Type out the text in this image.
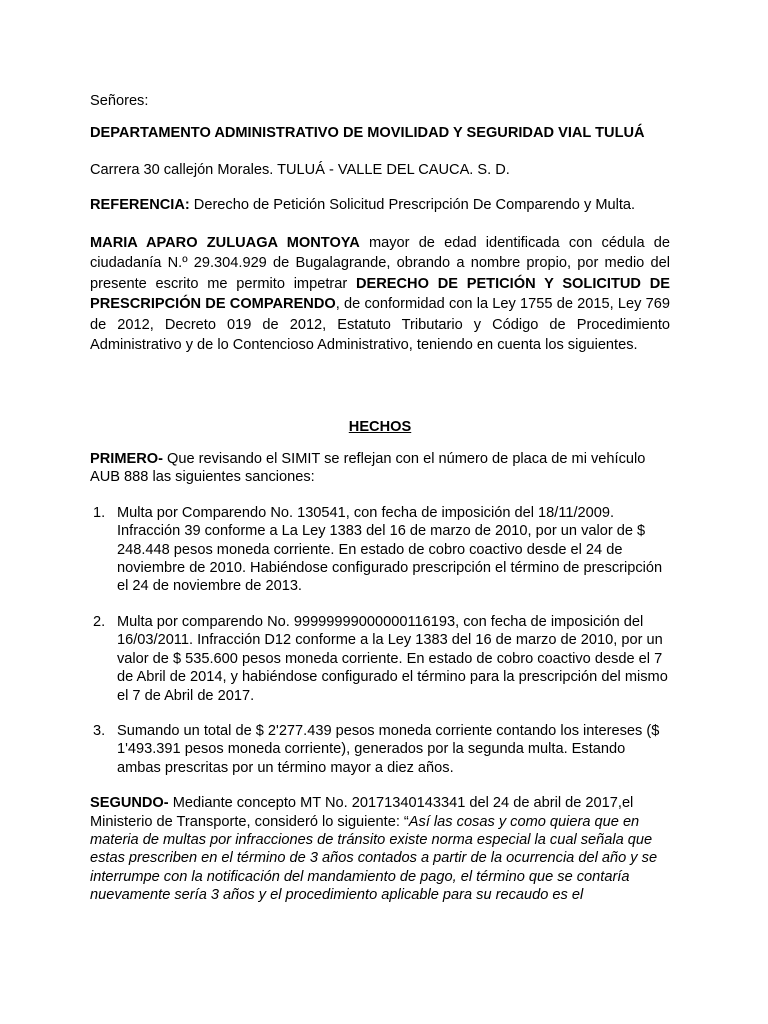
Señores:

DEPARTAMENTO ADMINISTRATIVO DE MOVILIDAD Y SEGURIDAD VIAL TULUÁ

Carrera 30 callejón Morales. TULUÁ - VALLE DEL CAUCA. S. D.

REFERENCIA: Derecho de Petición Solicitud Prescripción De Comparendo y Multa.

MARIA APARO ZULUAGA MONTOYA mayor de edad identificada con cédula de ciudadanía N.º 29.304.929 de Bugalagrande, obrando a nombre propio, por medio del presente escrito me permito impetrar DERECHO DE PETICIÓN Y SOLICITUD DE PRESCRIPCIÓN DE COMPARENDO, de conformidad con la Ley 1755 de 2015, Ley 769 de 2012, Decreto 019 de 2012, Estatuto Tributario y Código de Procedimiento Administrativo y de lo Contencioso Administrativo, teniendo en cuenta los siguientes.

HECHOS

PRIMERO- Que revisando el SIMIT se reflejan con el número de placa de mi vehículo AUB 888 las siguientes sanciones:

1. Multa por Comparendo No. 130541, con fecha de imposición del 18/11/2009. Infracción 39 conforme a La Ley 1383 del 16 de marzo de 2010, por un valor de $ 248.448 pesos moneda corriente. En estado de cobro coactivo desde el 24 de noviembre de 2010. Habiéndose configurado prescripción el término de prescripción el 24 de noviembre de 2013.
2. Multa por comparendo No. 99999999000000116193, con fecha de imposición del 16/03/2011. Infracción D12 conforme a la Ley 1383 del 16 de marzo de 2010, por un valor de $ 535.600 pesos moneda corriente. En estado de cobro coactivo desde el 7 de Abril de 2014, y habiéndose configurado el término para la prescripción del mismo el 7 de Abril de 2017.
3. Sumando un total de $ 2'277.439 pesos moneda corriente contando los intereses ($ 1'493.391 pesos moneda corriente), generados por la segunda multa. Estando ambas prescritas por un término mayor a diez años.

SEGUNDO- Mediante concepto MT No. 20171340143341 del 24 de abril de 2017,el Ministerio de Transporte, consideró lo siguiente: “Así las cosas y como quiera que en materia de multas por infracciones de tránsito existe norma especial la cual señala que estas prescriben en el término de 3 años contados a partir de la ocurrencia del año y se interrumpe con la notificación del mandamiento de pago, el término que se contaría nuevamente sería 3 años y el procedimiento aplicable para su recaudo es el
